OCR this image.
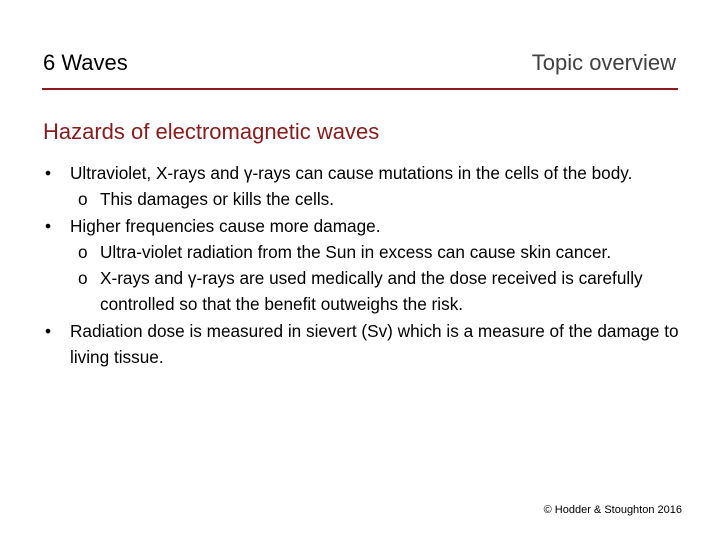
6 Waves	Topic overview
Hazards of electromagnetic waves
• Ultraviolet, X-rays and γ-rays can cause mutations in the cells of the body.
o This damages or kills the cells.
• Higher frequencies cause more damage.
o Ultra-violet radiation from the Sun in excess can cause skin cancer.
o X-rays and γ-rays are used medically and the dose received is carefully controlled so that the benefit outweighs the risk.
• Radiation dose is measured in sievert (Sv) which is a measure of the damage to living tissue.
© Hodder & Stoughton 2016
